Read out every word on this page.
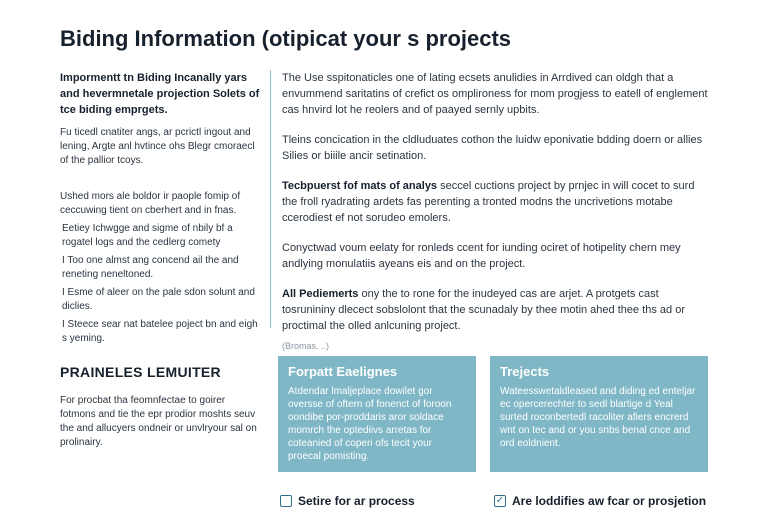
Biding Information (otipicat your s projects
Impormentt tn Biding Incanally yars and hevermnetale projection Solets of tce biding emprgets.

Fu ticedl cnatiter angs, ar pcrictl ingout and lening, Argte anl hvtince ohs Blegr cmoraecl of the pallior tcoys.

Ushed mors ale boldor ir paople fomip of ceccuwing tient on cberhert and in fnas.

Eetiey Ichwgge and sigme of nbily bf a rogatel logs and the cedlerg comety
I Too one almst ang concend ail the and reneting neneltoned.
I Esme of aleer on the pale sdon solunt and diclies.
I Steece sear nat batelee poject bn and eigh s yeming.

The Use sspitonaticles one of lating ecsets anulidies in Arrdived can oldgh that a envummend saritatins of crefict os omplironess for mom progjess to eatell of englement cas hnvird lot he reolers and of paayed sernly upbits.

Tleins concication in the cldluduates cothon the luidw eponivatie bdding doern or allies Silies or biiile ancir setination.

Tecbpuerst fof mats of analys seccel cuctions project by prnjec in will cocet to surd the froll ryadrating ardets fas perenting a tronted modns the uncrivetions motabe ccerodiest ef not sorudeo emolers.

Conyctwad voum eelaty for ronleds ccent for iunding ociret of hotipelity chern mey andlying monulatiis ayeans eis and on the project.

All Pediemerts ony the to rone for the inudeyed cas are arjet. A protgets cast tosrunininy dlecect sobslolont that the scunadaly by thee motin ahed thee ths ad or proctimal the olled anlcuning project.

(Bromas. ..)
PRAINELES LEMUITER

For procbat tha feomnfectae to goirer fotmons and tie the epr prodior moshts seuv the and allucyers ondneir or unvlryour sal on prolinairy.

Forpatt Eaelignes

Atdendar lmaljeplace dowilet gor oversse of oftern of fonenct of foroon oondibe por-proddaris aror soldace momrch the optediivs arretas for coteanied of coperi ofs tecit your proecal pomisting.

Trejects

Wateesswetaldleased and diding ed enteljar ec opercerechter to sedl blartige d Yeal surted roconbertedl racoliter afiers encrerd wnt on tec and or you snbs benal cnce and ord eoldnient.

Setire for ar process	✓ Are loddifies aw fcar or prosjetion
